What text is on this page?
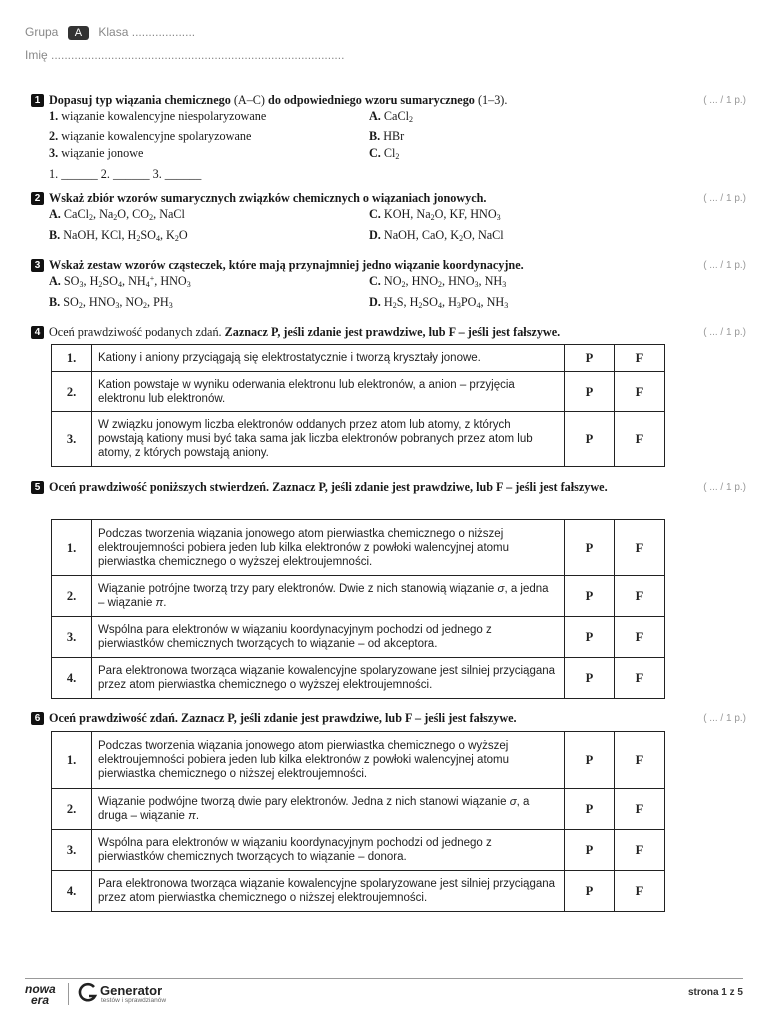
Grupa A Klasa ...................
Imię ........................................................................................
1 Dopasuj typ wiązania chemicznego (A–C) do odpowiedniego wzoru sumarycznego (1–3).	( ... / 1 p.)
1. wiązanie kowalencyjne niespolaryzowane	A. CaCl$_2$
2. wiązanie kowalencyjne spolaryzowane	B. HBr
3. wiązanie jonowe	C. $Cl_2$
1. ______ 2. ______ 3. ______
2 Wskaż zbiór wzorów sumarycznych związków chemicznych o wiązaniach jonowych.	( ... / 1 p.)
A. CaCl$_2$, $Na_2O$, $CO_2$, NaCl	C. KOH, $Na_2O$, KF, $HNO_3$
B. NaOH, KCl, $H_2SO_4$, $K_2O$	D. NaOH, CaO, $K_2O$, NaCl
3 Wskaż zestaw wzorów cząsteczek, które mają przynajmniej jedno wiązanie koordynacyjne.	( ... / 1 p.)
A. $SO_3$, $H_2SO_4$, $NH_4^+$, $HNO_3$	C. $NO_2$, $HNO_2$, $HNO_3$, $NH_3$
B. $SO_2$, $HNO_3$, $NO_2$, $PH_3$	D. $H_2S$, $H_2SO_4$, $H_3PO_4$, $NH_3$
4 Oceń prawdziwość podanych zdań. Zaznacz P, jeśli zdanie jest prawdziwe, lub F – jeśli jest fałszywe.	( ... / 1 p.)
1.	Kationy i aniony przyciągają się elektrostatycznie i tworzą kryształy jonowe.	P	F
2.	Kation powstaje w wyniku oderwania elektronu lub elektronów, a anion – przyjęcia elektronu lub elektronów.	P	F
3.	W związku jonowym liczba elektronów oddanych przez atom lub atomy, z których powstają kationy musi być taka sama jak liczba elektronów pobranych przez atom lub atomy, z których powstają aniony.	P	F
5 Oceń prawdziwość poniższych stwierdzeń. Zaznacz P, jeśli zdanie jest prawdziwe, lub F – jeśli jest fałszywe.	( ... / 1 p.)
1.	Podczas tworzenia wiązania jonowego atom pierwiastka chemicznego o niższej elektroujemności pobiera jeden lub kilka elektronów z powłoki walencyjnej atomu pierwiastka chemicznego o wyższej elektroujemności.	P	F
2.	Wiązanie potrójne tworzą trzy pary elektronów. Dwie z nich stanowią wiązanie σ, a jedna – wiązanie π.	P	F
3.	Wspólna para elektronów w wiązaniu koordynacyjnym pochodzi od jednego z pierwiastków chemicznych tworzących to wiązanie – od akceptora.	P	F
4.	Para elektronowa tworząca wiązanie kowalencyjne spolaryzowane jest silniej przyciągana przez atom pierwiastka chemicznego o wyższej elektroujemności.	P	F
6 Oceń prawdziwość zdań. Zaznacz P, jeśli zdanie jest prawdziwe, lub F – jeśli jest fałszywe.	( ... / 1 p.)
1.	Podczas tworzenia wiązania jonowego atom pierwiastka chemicznego o wyższej elektroujemności pobiera jeden lub kilka elektronów z powłoki walencyjnej atomu pierwiastka chemicznego o niższej elektroujemności.	P	F
2.	Wiązanie podwójne tworzą dwie pary elektronów. Jedna z nich stanowi wiązanie σ, a druga – wiązanie π.	P	F
3.	Wspólna para elektronów w wiązaniu koordynacyjnym pochodzi od jednego z pierwiastków chemicznych tworzących to wiązanie – donora.	P	F
4.	Para elektronowa tworząca wiązanie kowalencyjne spolaryzowane jest silniej przyciągana przez atom pierwiastka chemicznego o niższej elektroujemności.	P	F
nowa
era
Generator
testów i sprawdzianów
strona 1 z 5
